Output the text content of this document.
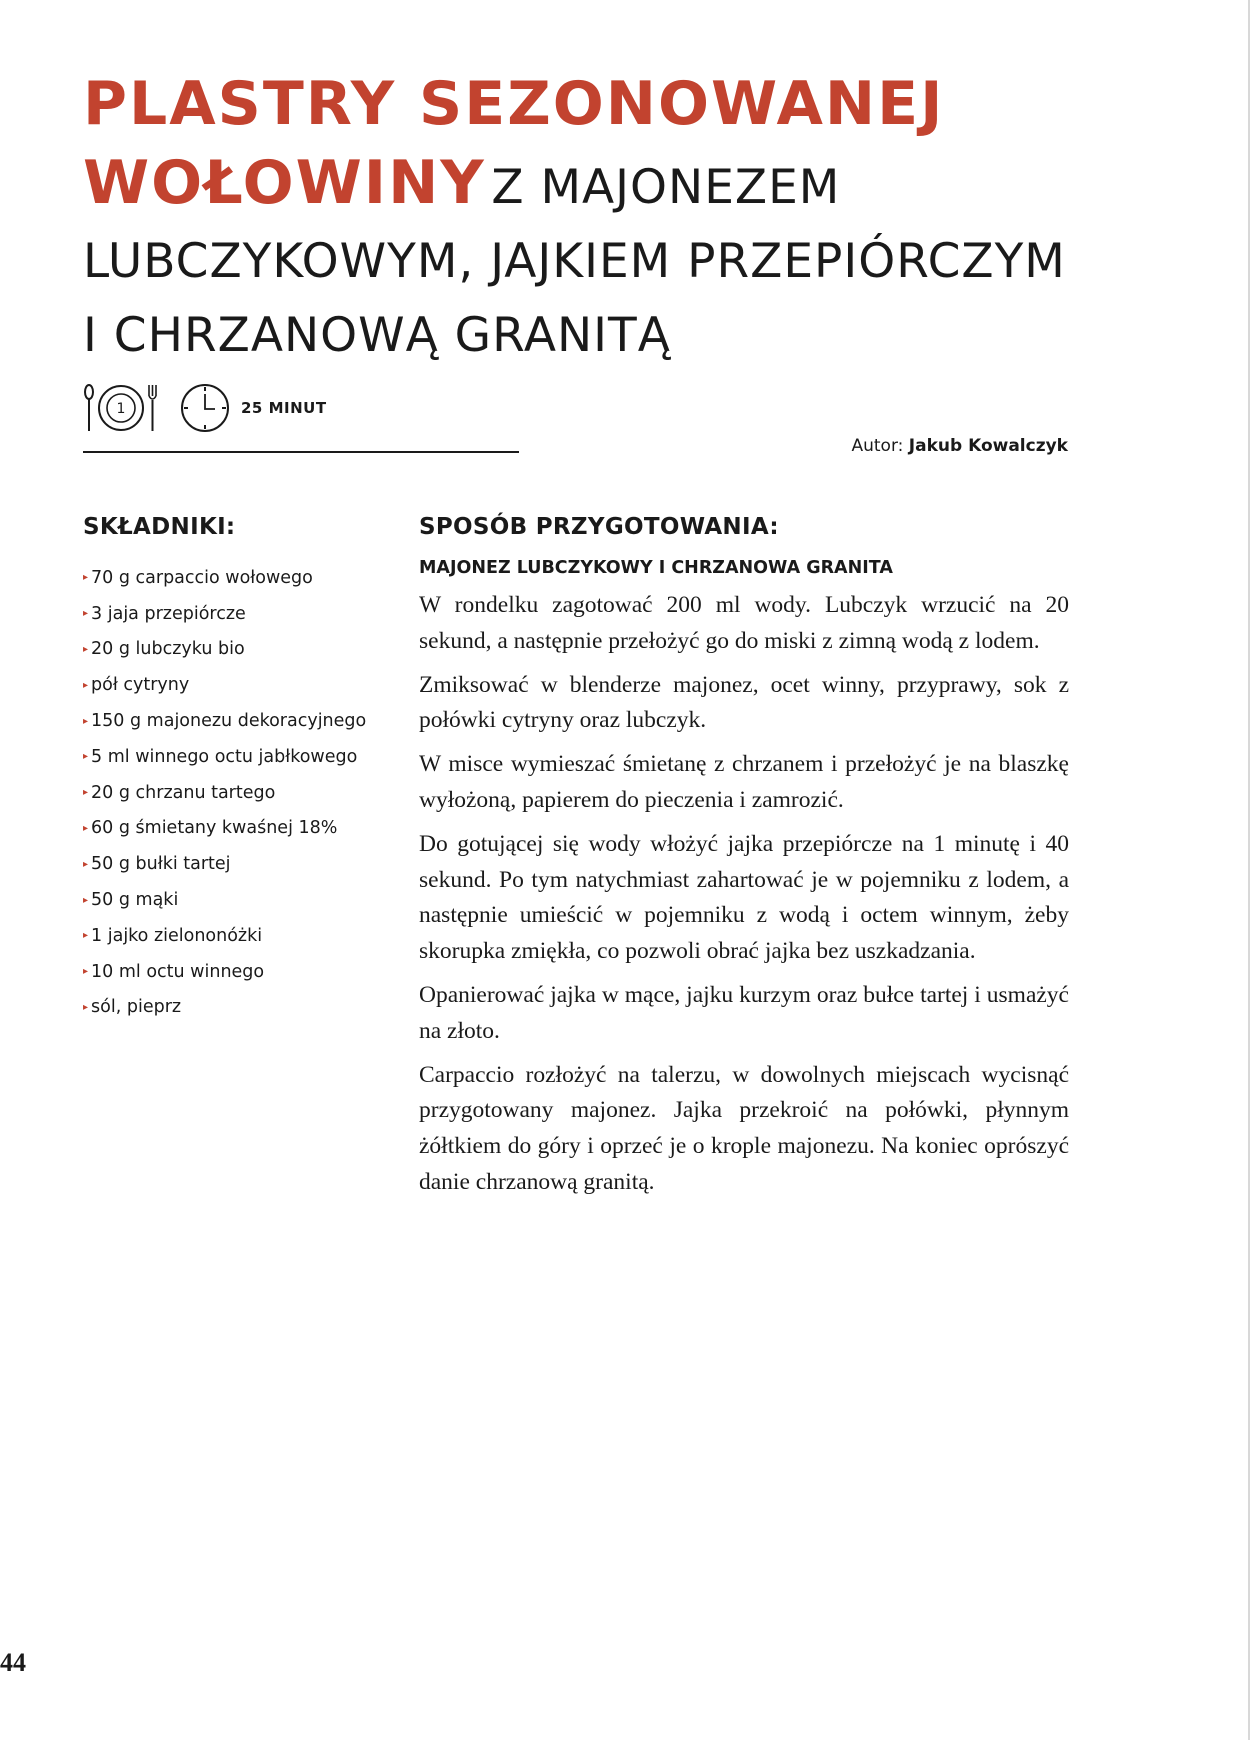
PLASTRY SEZONOWANEJ
WOŁOWINY Z MAJONEZEM
LUBCZYKOWYM, JAJKIEM PRZEPIÓRCZYM
I CHRZANOWĄ GRANITĄ
1	25 MINUT
Autor: Jakub Kowalczyk
SKŁADNIKI:
▸ 70 g carpaccio wołowego
▸ 3 jaja przepiórcze
▸ 20 g lubczyku bio
▸ pół cytryny
▸ 150 g majonezu dekoracyjnego
▸ 5 ml winnego octu jabłkowego
▸ 20 g chrzanu tartego
▸ 60 g śmietany kwaśnej 18%
▸ 50 g bułki tartej
▸ 50 g mąki
▸ 1 jajko zielononóżki
▸ 10 ml octu winnego
▸ sól, pieprz
SPOSÓB PRZYGOTOWANIA:
MAJONEZ LUBCZYKOWY I CHRZANOWA GRANITA

W rondelku zagotować 200 ml wody. Lubczyk wrzucić na 20 sekund, a następnie przełożyć go do miski z zimną wodą z lodem.

Zmiksować w blenderze majonez, ocet winny, przyprawy, sok z połówki cytryny oraz lubczyk.

W misce wymieszać śmietanę z chrzanem i przełożyć je na blaszkę wyłożoną, papierem do pieczenia i zamrozić.

Do gotującej się wody włożyć jajka przepiórcze na 1 minutę i 40 sekund. Po tym natychmiast zahartować je w pojemniku z lodem, a następnie umieścić w pojemniku z wodą i octem winnym, żeby skorupka zmiękła, co pozwoli obrać jajka bez uszkadzania.

Opanierować jajka w mące, jajku kurzym oraz bułce tartej i usmażyć na złoto.

Carpaccio rozłożyć na talerzu, w dowolnych miejscach wycisnąć przygotowany majonez. Jajka przekroić na połówki, płynnym żółtkiem do góry i oprzeć je o krople majonezu. Na koniec oprószyć danie chrzanową granitą.

44
